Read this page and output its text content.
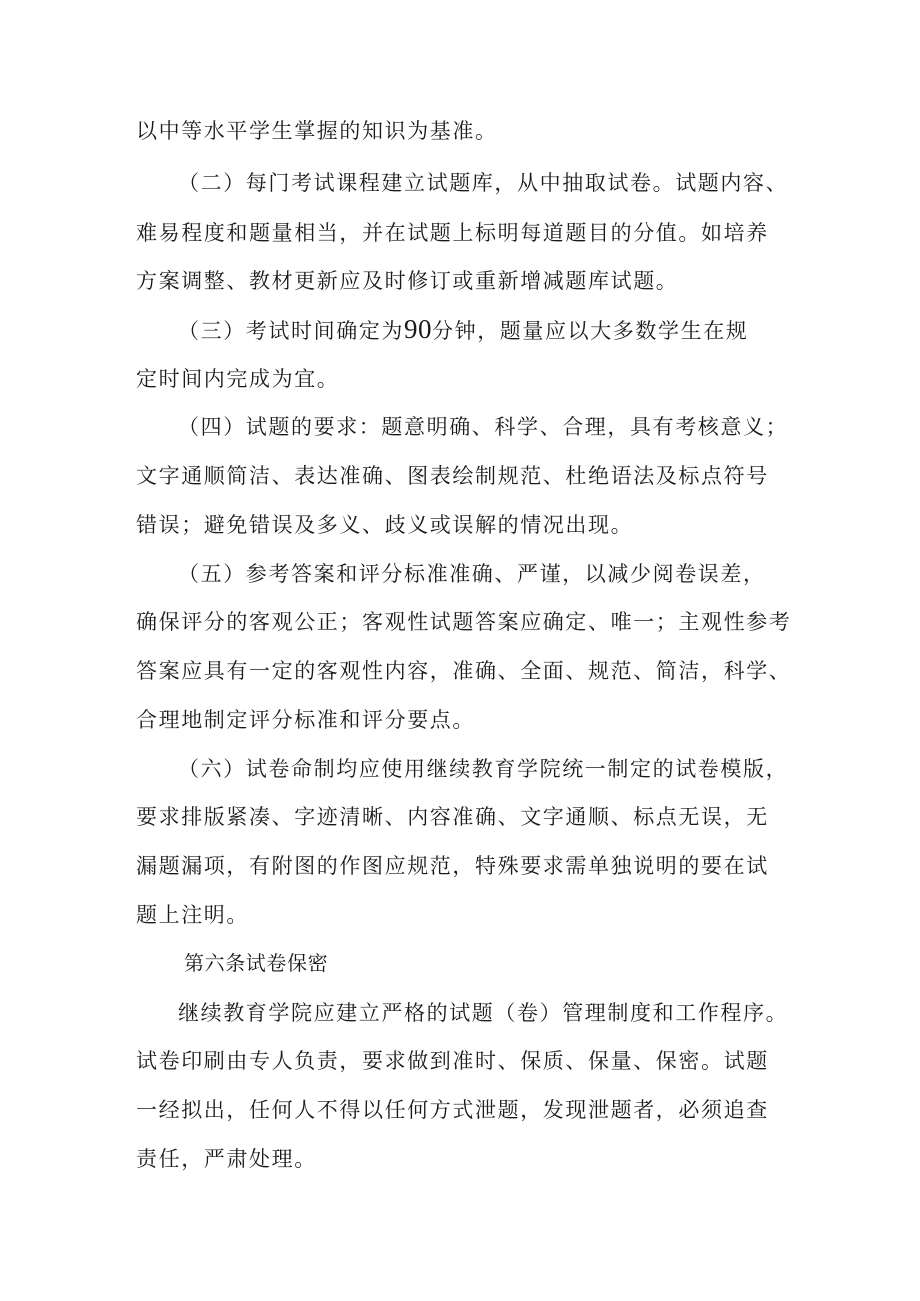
以中等水平学生掌握的知识为基准。
（二）每门考试课程建立试题库，从中抽取试卷。试题内容、
难易程度和题量相当，并在试题上标明每道题目的分值。如培养
方案调整、教材更新应及时修订或重新增减题库试题。
（三）考试时间确定为90分钟，题量应以大多数学生在规
定时间内完成为宜。
（四）试题的要求：题意明确、科学、合理，具有考核意义；
文字通顺简洁、表达准确、图表绘制规范、杜绝语法及标点符号
错误；避免错误及多义、歧义或误解的情况出现。
（五）参考答案和评分标准准确、严谨，以减少阅卷误差，
确保评分的客观公正；客观性试题答案应确定、唯一；主观性参考
答案应具有一定的客观性内容，准确、全面、规范、简洁，科学、
合理地制定评分标准和评分要点。
（六）试卷命制均应使用继续教育学院统一制定的试卷模版，
要求排版紧凑、字迹清晰、内容准确、文字通顺、标点无误，无
漏题漏项，有附图的作图应规范，特殊要求需单独说明的要在试
题上注明。
第六条试卷保密
继续教育学院应建立严格的试题（卷）管理制度和工作程序。
试卷印刷由专人负责，要求做到准时、保质、保量、保密。试题
一经拟出，任何人不得以任何方式泄题，发现泄题者，必须追查
责任，严肃处理。
